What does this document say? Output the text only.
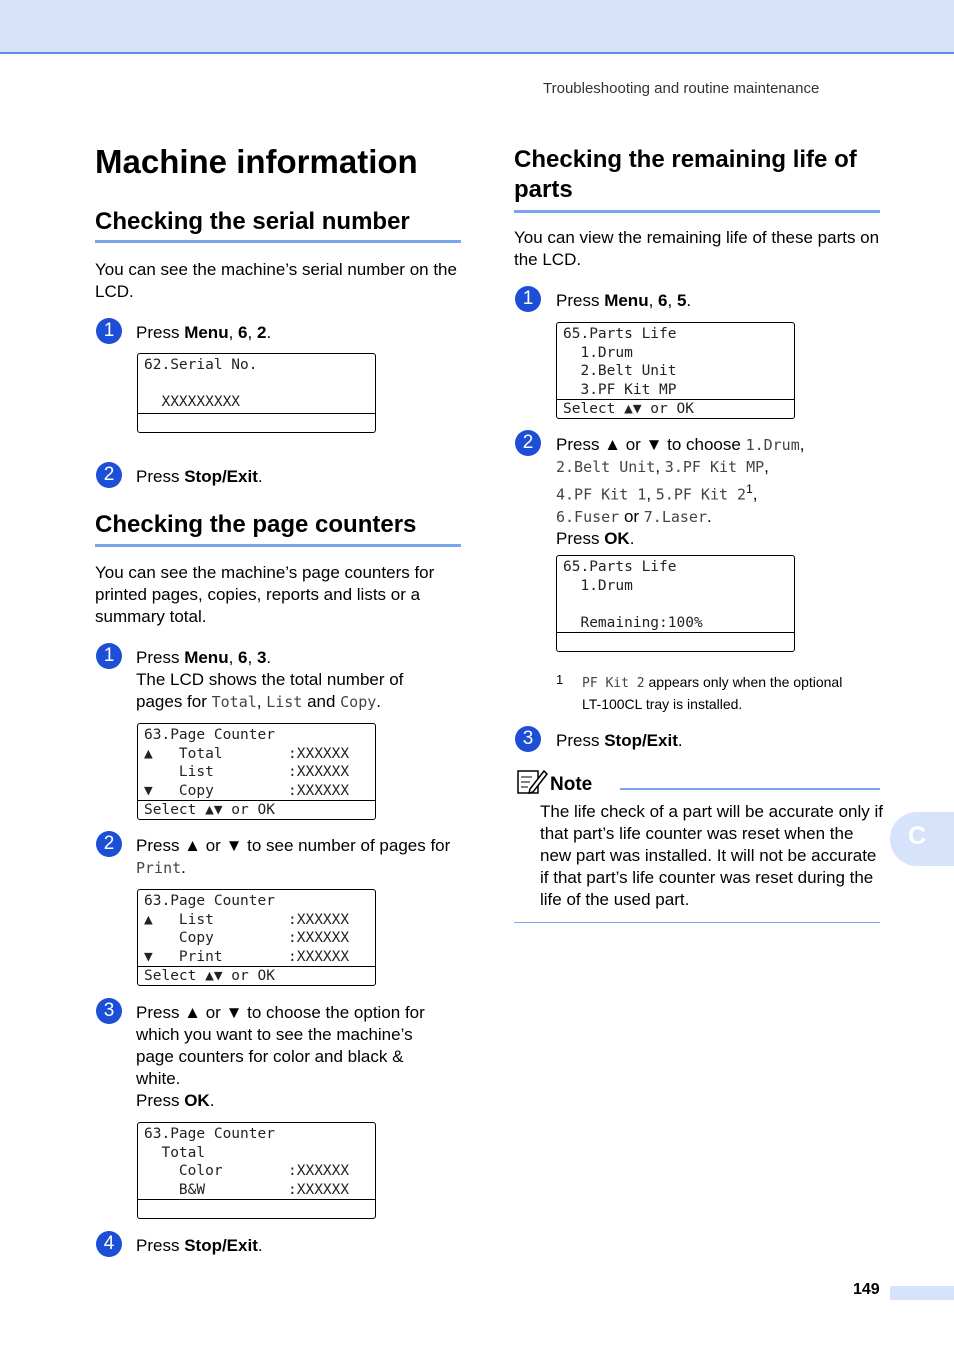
Troubleshooting and routine maintenance
Machine information
Checking the serial number
You can see the machine’s serial number on the LCD.
1	Press Menu, 6, 2.
62.Serial No.
XXXXXXXXX
2	Press Stop/Exit.
Checking the page counters
You can see the machine’s page counters for printed pages, copies, reports and lists or a summary total.
1	Press Menu, 6, 3.
The LCD shows the total number of
pages for Total, List and Copy.
63.Page Counter
▲   Total	:XXXXXX
List	:XXXXXX
▼   Copy	:XXXXXX
Select ▲▼ or OK
2	Press ▲ or ▼ to see number of pages for
Print.
63.Page Counter
▲   List	:XXXXXX
Copy	:XXXXXX
▼   Print	:XXXXXX
Select ▲▼ or OK
3	Press ▲ or ▼ to choose the option for
which you want to see the machine’s
page counters for color and black &
white.
Press OK.
63.Page Counter
Total
Color	:XXXXXX
B&W	:XXXXXX
4	Press Stop/Exit.
Checking the remaining life of
parts
You can view the remaining life of these parts on the LCD.
1	Press Menu, 6, 5.
65.Parts Life
1.Drum
2.Belt Unit
3.PF Kit MP
Select ▲▼ or OK
2	Press ▲ or ▼ to choose 1.Drum,
2.Belt Unit, 3.PF Kit MP,
4.PF Kit 1, 5.PF Kit $2^1$,
6.Fuser or 7.Laser.
Press OK.
65.Parts Life
1.Drum
Remaining:100%
1 PF Kit 2 appears only when the optional
LT-100CL tray is installed.
3	Press Stop/Exit.
Note
The life check of a part will be accurate only if that part’s life counter was reset when the new part was installed. It will not be accurate if that part’s life counter was reset during the life of the used part.
C
149
